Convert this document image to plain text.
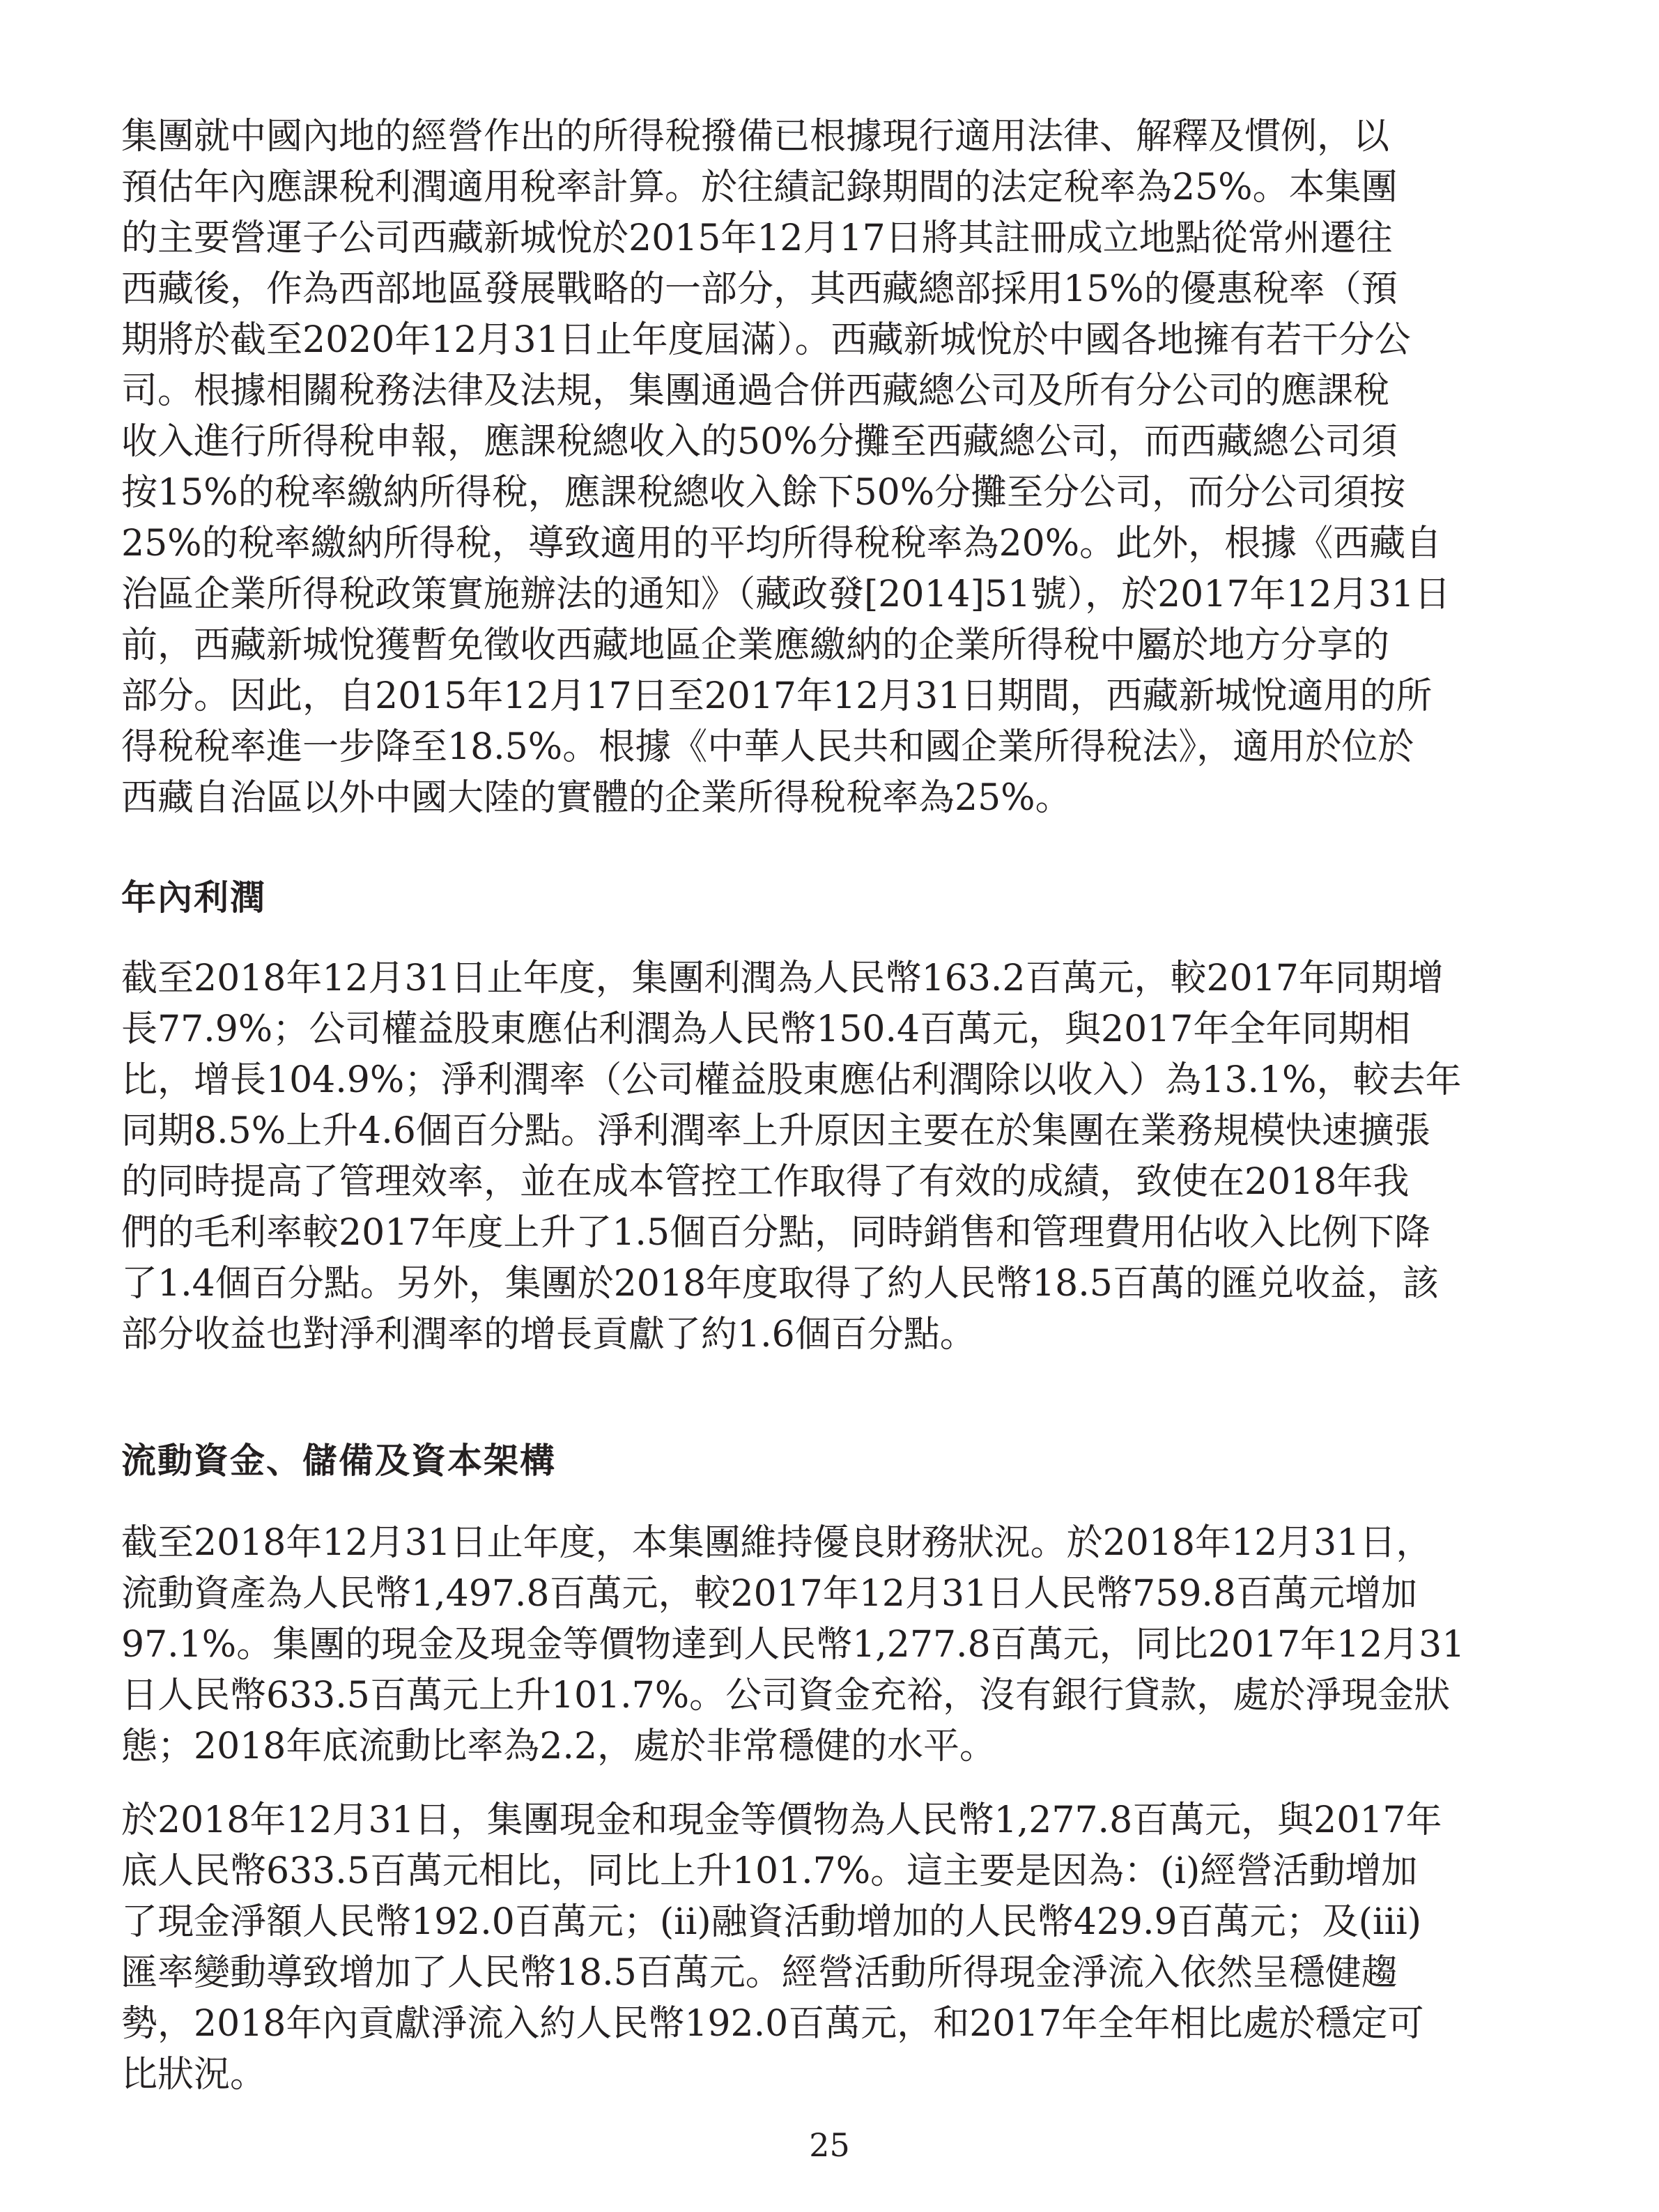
集團就中國內地的經營作出的所得稅撥備已根據現行適用法律、解釋及慣例，以
預估年內應課稅利潤適用稅率計算。於往績記錄期間的法定稅率為25%。本集團
的主要營運子公司西藏新城悅於2015年12月17日將其註冊成立地點從常州遷往
西藏後，作為西部地區發展戰略的一部分，其西藏總部採用15%的優惠稅率（預
期將於截至2020年12月31日止年度屆滿）。西藏新城悅於中國各地擁有若干分公
司。根據相關稅務法律及法規，集團通過合併西藏總公司及所有分公司的應課稅
收入進行所得稅申報，應課稅總收入的50%分攤至西藏總公司，而西藏總公司須
按15%的稅率繳納所得稅，應課稅總收入餘下50%分攤至分公司，而分公司須按
25%的稅率繳納所得稅，導致適用的平均所得稅稅率為20%。此外，根據《西藏自
治區企業所得稅政策實施辦法的通知》（藏政發[2014]51號），於2017年12月31日
前，西藏新城悅獲暫免徵收西藏地區企業應繳納的企業所得稅中屬於地方分享的
部分。因此，自2015年12月17日至2017年12月31日期間，西藏新城悅適用的所
得稅稅率進一步降至18.5%。根據《中華人民共和國企業所得稅法》，適用於位於
西藏自治區以外中國大陸的實體的企業所得稅稅率為25%。
年內利潤
截至2018年12月31日止年度，集團利潤為人民幣163.2百萬元，較2017年同期增
長77.9%；公司權益股東應佔利潤為人民幣150.4百萬元，與2017年全年同期相
比，增長104.9%；淨利潤率（公司權益股東應佔利潤除以收入）為13.1%，較去年
同期8.5%上升4.6個百分點。淨利潤率上升原因主要在於集團在業務規模快速擴張
的同時提高了管理效率，並在成本管控工作取得了有效的成績，致使在2018年我
們的毛利率較2017年度上升了1.5個百分點，同時銷售和管理費用佔收入比例下降
了1.4個百分點。另外，集團於2018年度取得了約人民幣18.5百萬的匯兑收益，該
部分收益也對淨利潤率的增長貢獻了約1.6個百分點。
流動資金、儲備及資本架構
截至2018年12月31日止年度，本集團維持優良財務狀況。於2018年12月31日，
流動資產為人民幣1,497.8百萬元，較2017年12月31日人民幣759.8百萬元增加
97.1%。集團的現金及現金等價物達到人民幣1,277.8百萬元，同比2017年12月31
日人民幣633.5百萬元上升101.7%。公司資金充裕，沒有銀行貸款，處於淨現金狀
態；2018年底流動比率為2.2，處於非常穩健的水平。
於2018年12月31日，集團現金和現金等價物為人民幣1,277.8百萬元，與2017年
底人民幣633.5百萬元相比，同比上升101.7%。這主要是因為：(i)經營活動增加
了現金淨額人民幣192.0百萬元；(ii)融資活動增加的人民幣429.9百萬元；及(iii)
匯率變動導致增加了人民幣18.5百萬元。經營活動所得現金淨流入依然呈穩健趨
勢，2018年內貢獻淨流入約人民幣192.0百萬元，和2017年全年相比處於穩定可
比狀況。
25
